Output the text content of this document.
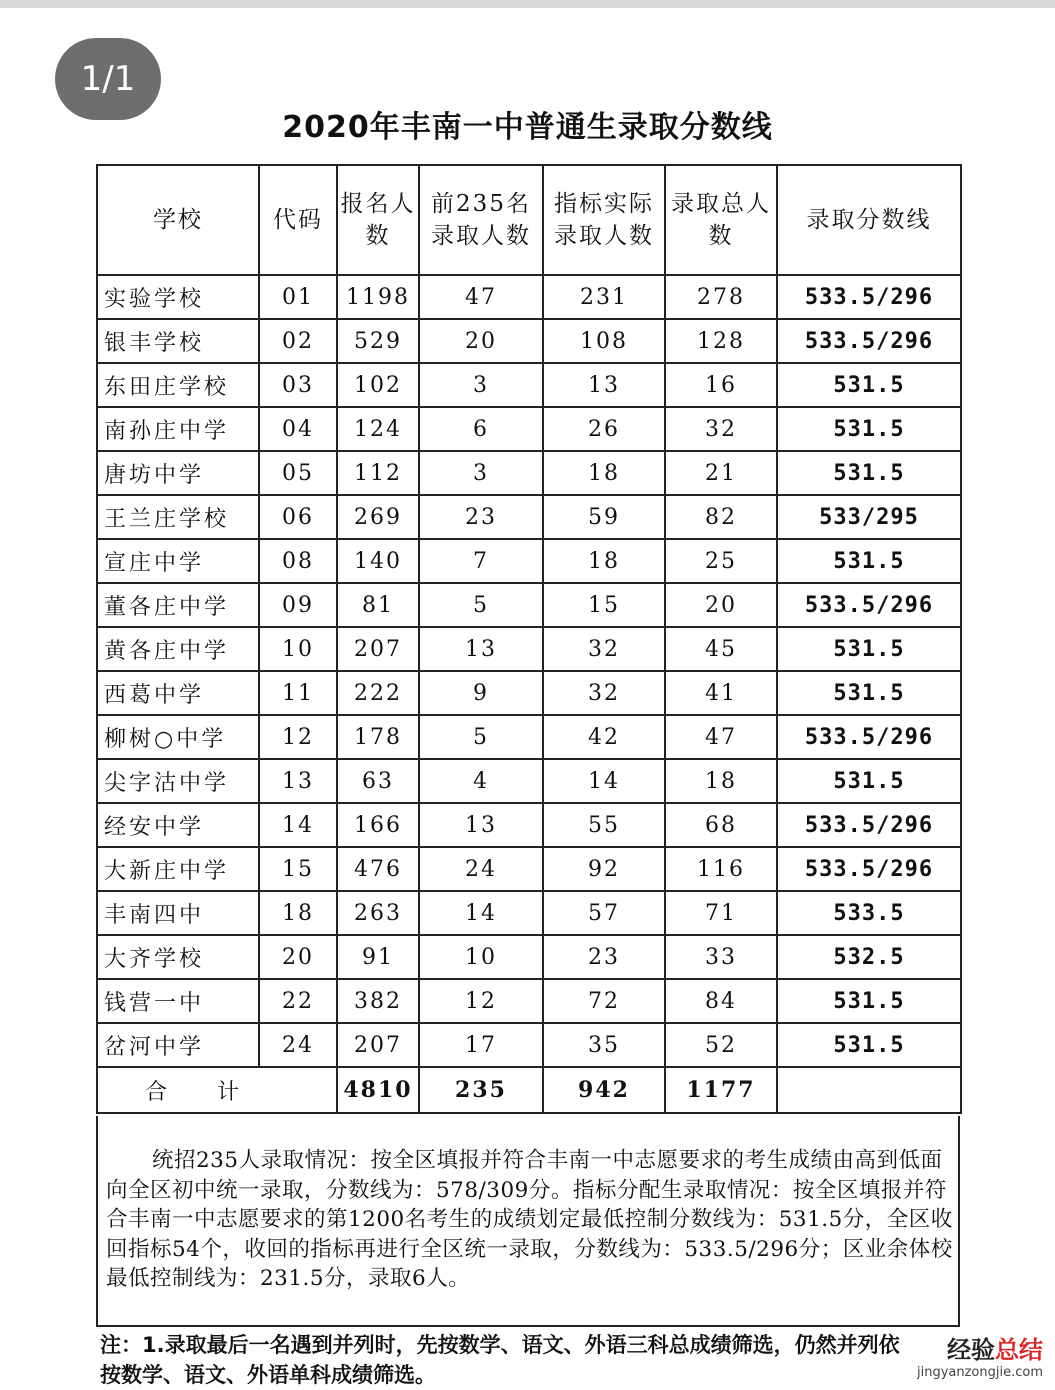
1/1
2020年丰南一中普通生录取分数线
学校	代码	报名人数	前235名录取人数	指标实际录取人数	录取总人数	录取分数线
实验学校	01	1198	47	231	278	533.5/296
银丰学校	02	529	20	108	128	533.5/296
东田庄学校	03	102	3	13	16	531.5
南孙庄中学	04	124	6	26	32	531.5
唐坊中学	05	112	3	18	21	531.5
王兰庄学校	06	269	23	59	82	533/295
宣庄中学	08	140	7	18	25	531.5
董各庄中学	09	81	5	15	20	533.5/296
黄各庄中学	10	207	13	32	45	531.5
西葛中学	11	222	9	32	41	531.5
柳树○中学	12	178	5	42	47	533.5/296
尖字沽中学	13	63	4	14	18	531.5
经安中学	14	166	13	55	68	533.5/296
大新庄中学	15	476	24	92	116	533.5/296
丰南四中	18	263	14	57	71	533.5
大齐学校	20	91	10	23	33	532.5
钱营一中	22	382	12	72	84	531.5
岔河中学	24	207	17	35	52	531.5
合计		4810	235	942	1177	
统招235人录取情况：按全区填报并符合丰南一中志愿要求的考生成绩由高到低面向全区初中统一录取，分数线为：578/309分。指标分配生录取情况：按全区填报并符合丰南一中志愿要求的第1200名考生的成绩划定最低控制分数线为：531.5分，全区收回指标54个，收回的指标再进行全区统一录取，分数线为：533.5/296分；区业余体校最低控制线为：231.5分，录取6人。
注：1.录取最后一名遇到并列时，先按数学、语文、外语三科总成绩筛选，仍然并列依按数学、语文、外语单科成绩筛选。
经验总结
jingyanzongjie.com
